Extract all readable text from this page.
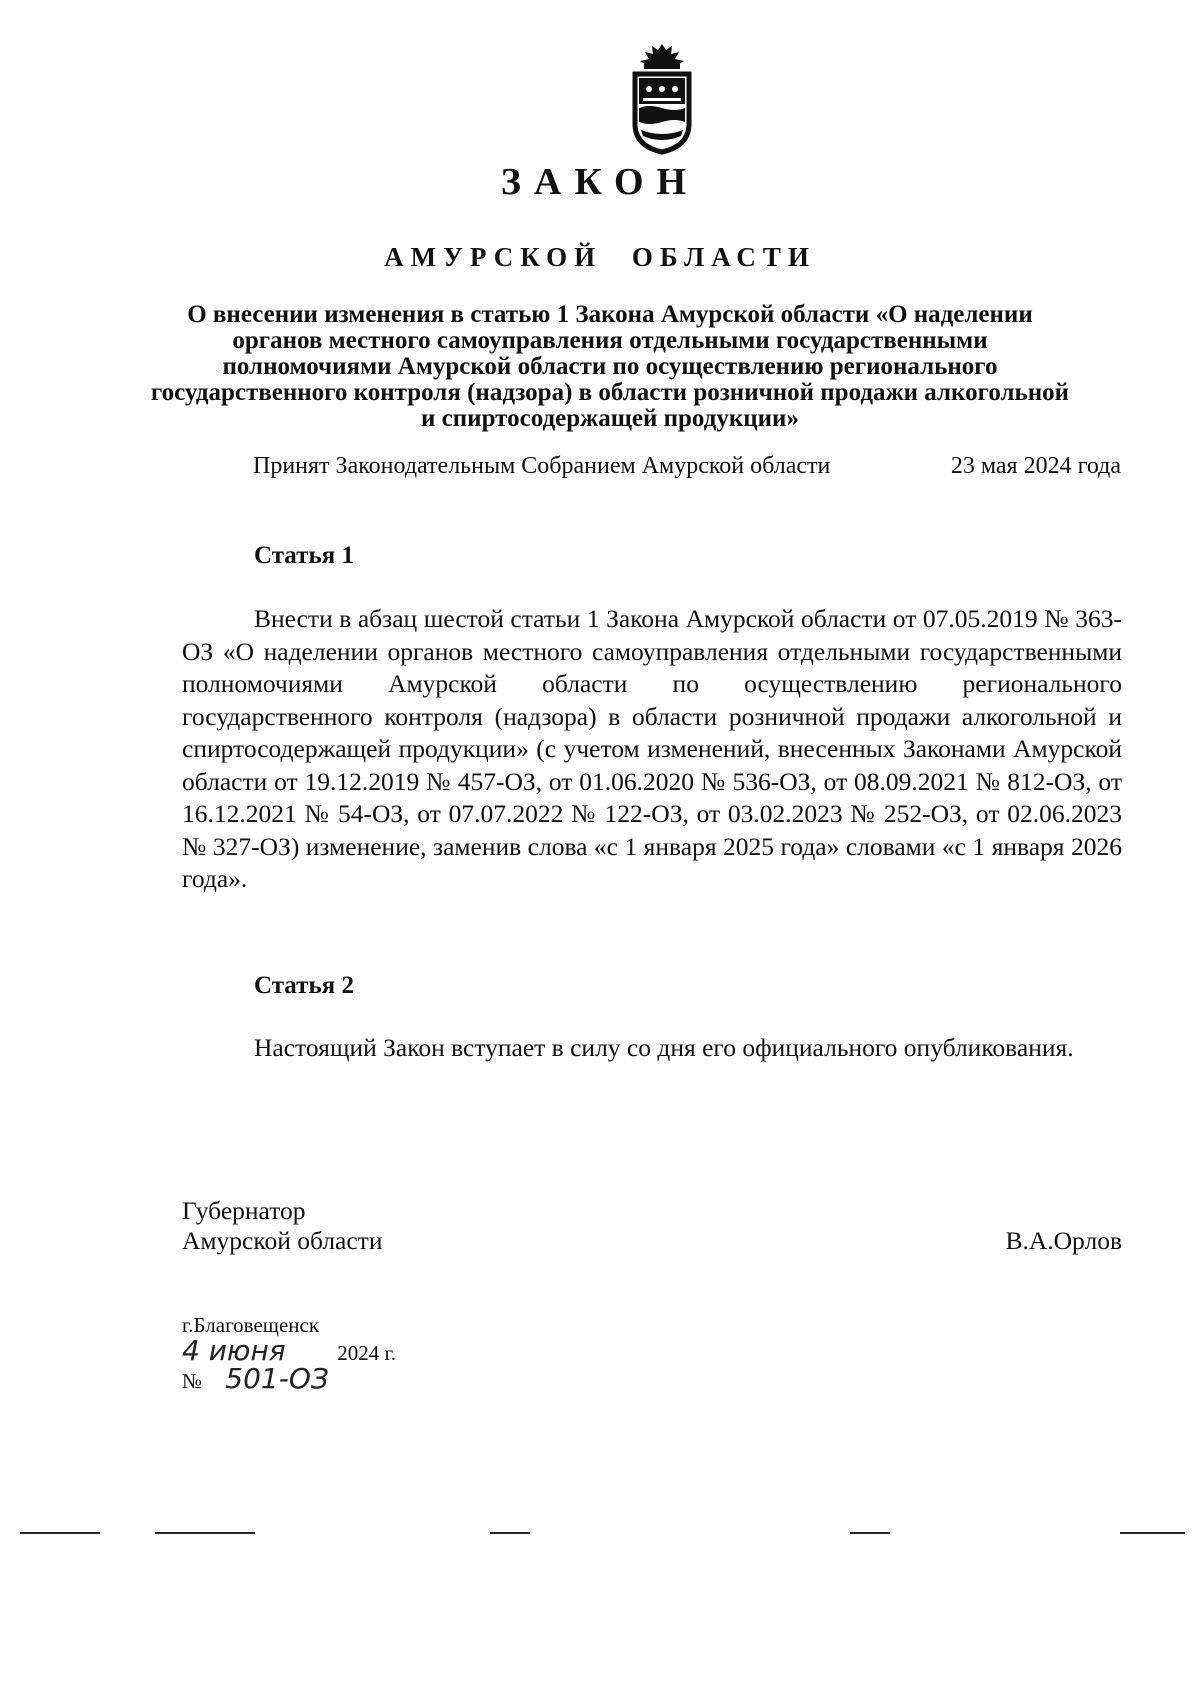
ЗАКОН
АМУРСКОЙ ОБЛАСТИ

О внесении изменения в статью 1 Закона Амурской области «О наделении органов местного самоуправления отдельными государственными полномочиями Амурской области по осуществлению регионального государственного контроля (надзора) в области розничной продажи алкогольной и спиртосодержащей продукции»

Принят Законодательным Собранием Амурской области	23 мая 2024 года
Статья 1

Внести в абзац шестой статьи 1 Закона Амурской области от 07.05.2019 № 363-ОЗ «О наделении органов местного самоуправления отдельными государственными полномочиями Амурской области по осуществлению регионального государственного контроля (надзора) в области розничной продажи алкогольной и спиртосодержащей продукции» (с учетом изменений, внесенных Законами Амурской области от 19.12.2019 № 457-ОЗ, от 01.06.2020 № 536-ОЗ, от 08.09.2021 № 812-ОЗ, от 16.12.2021 № 54-ОЗ, от 07.07.2022 № 122-ОЗ, от 03.02.2023 № 252-ОЗ, от 02.06.2023 № 327-ОЗ) изменение, заменив слова «с 1 января 2025 года» словами «с 1 января 2026 года».

Статья 2

Настоящий Закон вступает в силу со дня его официального опубликования.

Губернатор
Амурской области	В.А.Орлов
г.Благовещенск
4 июня 2024 г.
№ 501-ОЗ
